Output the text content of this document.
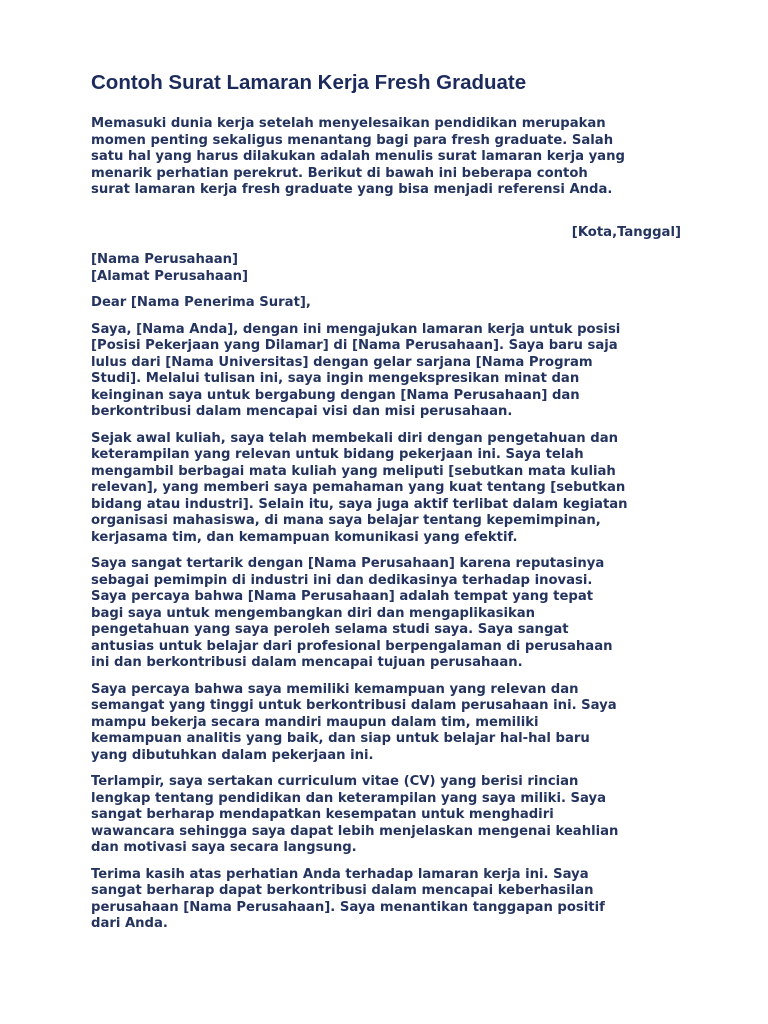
Contoh Surat Lamaran Kerja Fresh Graduate

Memasuki dunia kerja setelah menyelesaikan pendidikan merupakan
momen penting sekaligus menantang bagi para fresh graduate. Salah
satu hal yang harus dilakukan adalah menulis surat lamaran kerja yang
menarik perhatian perekrut. Berikut di bawah ini beberapa contoh
surat lamaran kerja fresh graduate yang bisa menjadi referensi Anda.

[Kota,Tanggal]

[Nama Perusahaan]

[Alamat Perusahaan]

Dear [Nama Penerima Surat],

Saya, [Nama Anda], dengan ini mengajukan lamaran kerja untuk posisi
[Posisi Pekerjaan yang Dilamar] di [Nama Perusahaan]. Saya baru saja
lulus dari [Nama Universitas] dengan gelar sarjana [Nama Program
Studi]. Melalui tulisan ini, saya ingin mengekspresikan minat dan
keinginan saya untuk bergabung dengan [Nama Perusahaan] dan
berkontribusi dalam mencapai visi dan misi perusahaan.

Sejak awal kuliah, saya telah membekali diri dengan pengetahuan dan
keterampilan yang relevan untuk bidang pekerjaan ini. Saya telah
mengambil berbagai mata kuliah yang meliputi [sebutkan mata kuliah
relevan], yang memberi saya pemahaman yang kuat tentang [sebutkan
bidang atau industri]. Selain itu, saya juga aktif terlibat dalam kegiatan
organisasi mahasiswa, di mana saya belajar tentang kepemimpinan,
kerjasama tim, dan kemampuan komunikasi yang efektif.

Saya sangat tertarik dengan [Nama Perusahaan] karena reputasinya
sebagai pemimpin di industri ini dan dedikasinya terhadap inovasi.
Saya percaya bahwa [Nama Perusahaan] adalah tempat yang tepat
bagi saya untuk mengembangkan diri dan mengaplikasikan
pengetahuan yang saya peroleh selama studi saya. Saya sangat
antusias untuk belajar dari profesional berpengalaman di perusahaan
ini dan berkontribusi dalam mencapai tujuan perusahaan.

Saya percaya bahwa saya memiliki kemampuan yang relevan dan
semangat yang tinggi untuk berkontribusi dalam perusahaan ini. Saya
mampu bekerja secara mandiri maupun dalam tim, memiliki
kemampuan analitis yang baik, dan siap untuk belajar hal-hal baru
yang dibutuhkan dalam pekerjaan ini.

Terlampir, saya sertakan curriculum vitae (CV) yang berisi rincian
lengkap tentang pendidikan dan keterampilan yang saya miliki. Saya
sangat berharap mendapatkan kesempatan untuk menghadiri
wawancara sehingga saya dapat lebih menjelaskan mengenai keahlian
dan motivasi saya secara langsung.

Terima kasih atas perhatian Anda terhadap lamaran kerja ini. Saya
sangat berharap dapat berkontribusi dalam mencapai keberhasilan
perusahaan [Nama Perusahaan]. Saya menantikan tanggapan positif
dari Anda.
